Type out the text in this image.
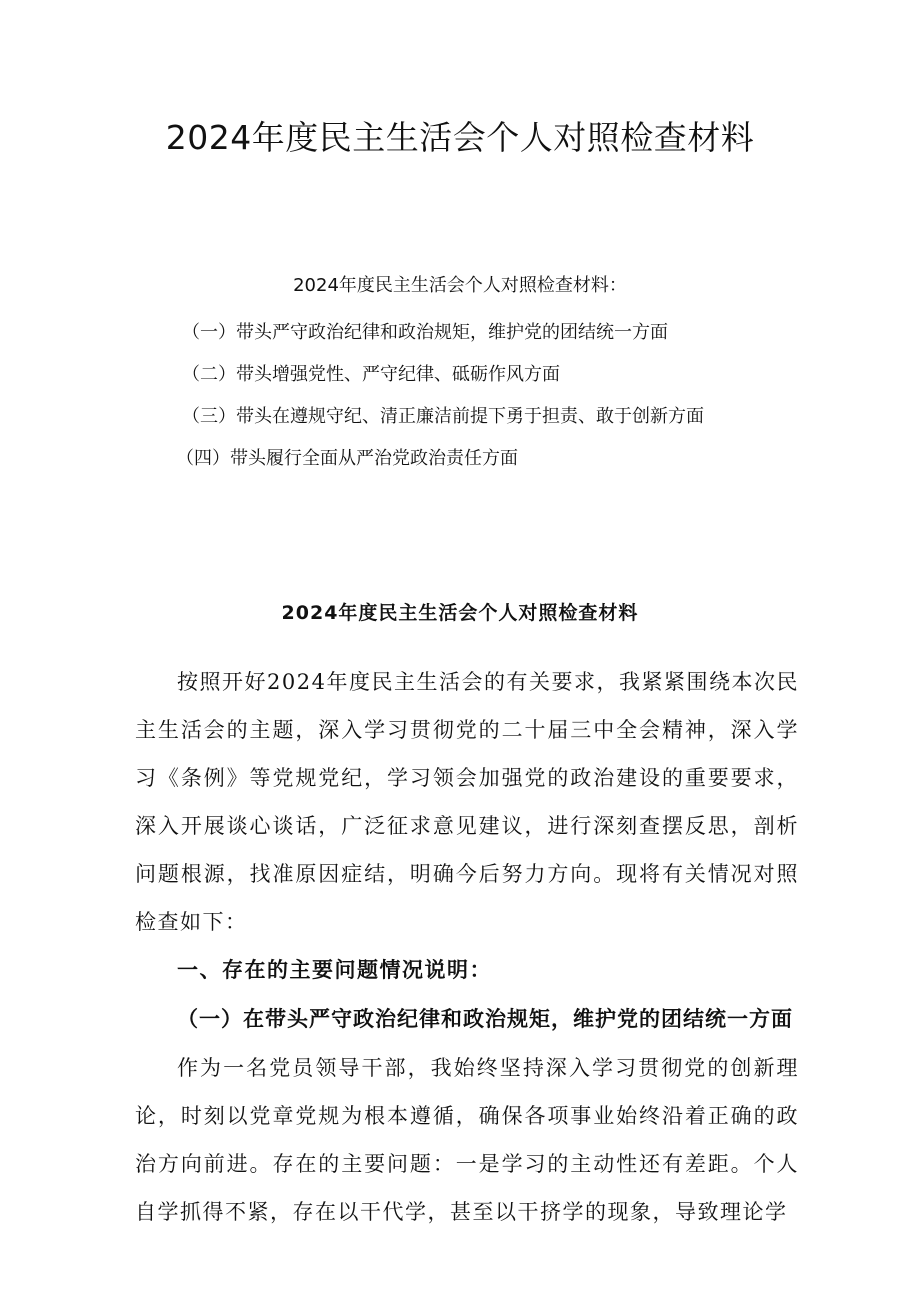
2024年度民主生活会个人对照检查材料

2024年度民主生活会个人对照检查材料：

（一）带头严守政治纪律和政治规矩，维护党的团结统一方面
（二）带头增强党性、严守纪律、砥砺作风方面
（三）带头在遵规守纪、清正廉洁前提下勇于担责、敢于创新方面
（四）带头履行全面从严治党政治责任方面
2024年度民主生活会个人对照检查材料

按照开好2024年度民主生活会的有关要求，我紧紧围绕本次民主生活会的主题，深入学习贯彻党的二十届三中全会精神，深入学习《条例》等党规党纪，学习领会加强党的政治建设的重要要求，深入开展谈心谈话，广泛征求意见建议，进行深刻查摆反思，剖析问题根源，找准原因症结，明确今后努力方向。现将有关情况对照检查如下：

一、存在的主要问题情况说明：

（一）在带头严守政治纪律和政治规矩，维护党的团结统一方面

作为一名党员领导干部，我始终坚持深入学习贯彻党的创新理论，时刻以党章党规为根本遵循，确保各项事业始终沿着正确的政治方向前进。存在的主要问题：一是学习的主动性还有差距。个人自学抓得不紧，存在以干代学，甚至以干挤学的现象，导致理论学
